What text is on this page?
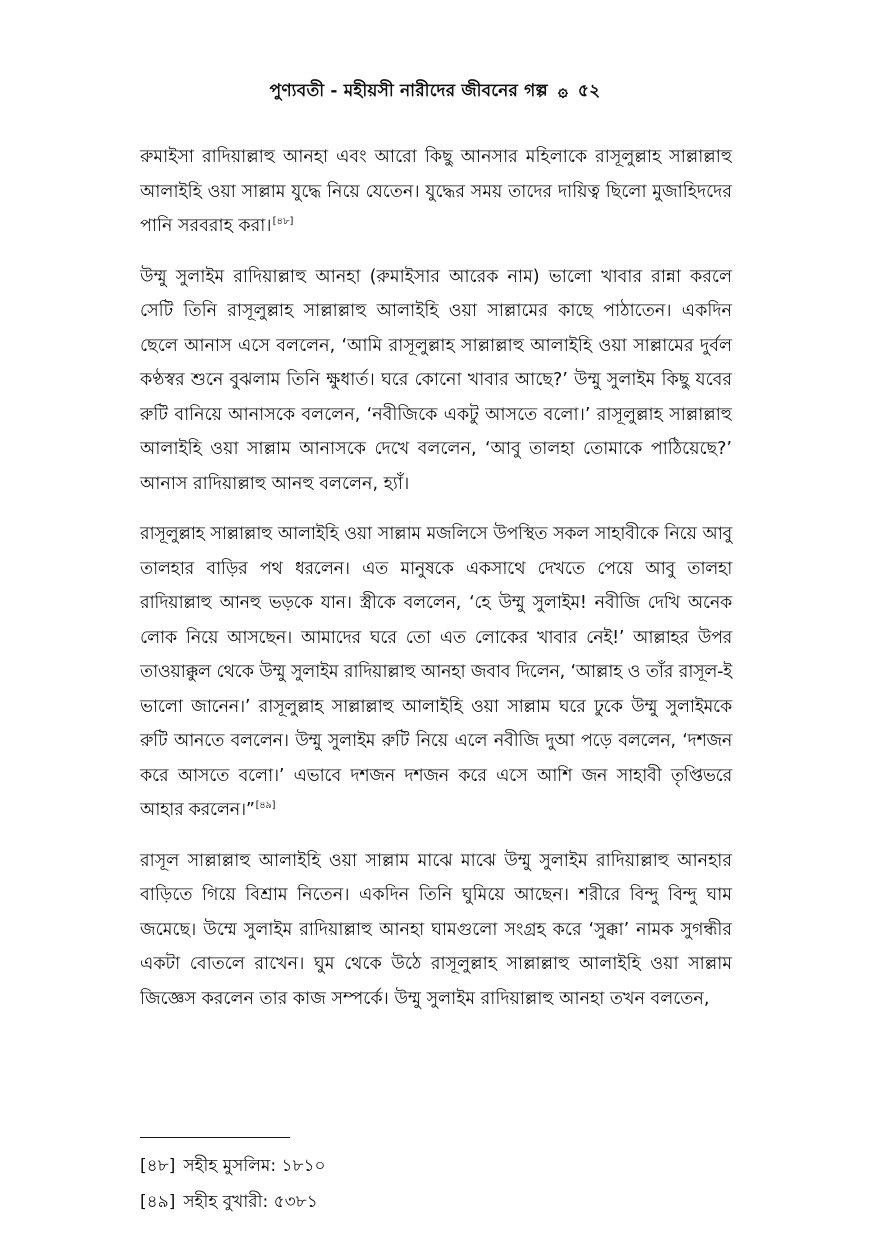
পুণ্যবতী - মহীয়সী নারীদের জীবনের গল্প ۞ ৫২

রুমাইসা রাদিয়াল্লাহু আনহা এবং আরো কিছু আনসার মহিলাকে রাসূলুল্লাহ সাল্লাল্লাহু আলাইহি ওয়া সাল্লাম যুদ্ধে নিয়ে যেতেন। যুদ্ধের সময় তাদের দায়িত্ব ছিলো মুজাহিদদের পানি সরবরাহ করা।[৪৮]

উম্মু সুলাইম রাদিয়াল্লাহু আনহা (রুমাইসার আরেক নাম) ভালো খাবার রান্না করলে সেটি তিনি রাসূলুল্লাহ সাল্লাল্লাহু আলাইহি ওয়া সাল্লামের কাছে পাঠাতেন। একদিন ছেলে আনাস এসে বললেন, ‘আমি রাসূলুল্লাহ সাল্লাল্লাহু আলাইহি ওয়া সাল্লামের দুর্বল কণ্ঠস্বর শুনে বুঝলাম তিনি ক্ষুধার্ত। ঘরে কোনো খাবার আছে?’ উম্মু সুলাইম কিছু যবের রুটি বানিয়ে আনাসকে বললেন, ‘নবীজিকে একটু আসতে বলো।’ রাসূলুল্লাহ সাল্লাল্লাহু আলাইহি ওয়া সাল্লাম আনাসকে দেখে বললেন, ‘আবু তালহা তোমাকে পাঠিয়েছে?’ আনাস রাদিয়াল্লাহু আনহু বললেন, হ্যাঁ।

রাসূলুল্লাহ সাল্লাল্লাহু আলাইহি ওয়া সাল্লাম মজলিসে উপস্থিত সকল সাহাবীকে নিয়ে আবু তালহার বাড়ির পথ ধরলেন। এত মানুষকে একসাথে দেখতে পেয়ে আবু তালহা রাদিয়াল্লাহু আনহু ভড়কে যান। স্ত্রীকে বললেন, ‘হে উম্মু সুলাইম! নবীজি দেখি অনেক লোক নিয়ে আসছেন। আমাদের ঘরে তো এত লোকের খাবার নেই!’ আল্লাহর উপর তাওয়াক্কুল থেকে উম্মু সুলাইম রাদিয়াল্লাহু আনহা জবাব দিলেন, ‘আল্লাহ ও তাঁর রাসূল-ই ভালো জানেন।’ রাসূলুল্লাহ সাল্লাল্লাহু আলাইহি ওয়া সাল্লাম ঘরে ঢুকে উম্মু সুলাইমকে রুটি আনতে বললেন। উম্মু সুলাইম রুটি নিয়ে এলে নবীজি দুআ পড়ে বললেন, ‘দশজন করে আসতে বলো।’ এভাবে দশজন দশজন করে এসে আশি জন সাহাবী তৃপ্তিভরে আহার করলেন।”[৪৯]

রাসূল সাল্লাল্লাহু আলাইহি ওয়া সাল্লাম মাঝে মাঝে উম্মু সুলাইম রাদিয়াল্লাহু আনহার বাড়িতে গিয়ে বিশ্রাম নিতেন। একদিন তিনি ঘুমিয়ে আছেন। শরীরে বিন্দু বিন্দু ঘাম জমেছে। উম্মে সুলাইম রাদিয়াল্লাহু আনহা ঘামগুলো সংগ্রহ করে ‘সুক্কা’ নামক সুগন্ধীর একটা বোতলে রাখেন। ঘুম থেকে উঠে রাসূলুল্লাহ সাল্লাল্লাহু আলাইহি ওয়া সাল্লাম জিজ্ঞেস করলেন তার কাজ সম্পর্কে। উম্মু সুলাইম রাদিয়াল্লাহু আনহা তখন বলতেন,

[৪৮] সহীহ মুসলিম: ১৮১০
[৪৯] সহীহ বুখারী: ৫৩৮১
